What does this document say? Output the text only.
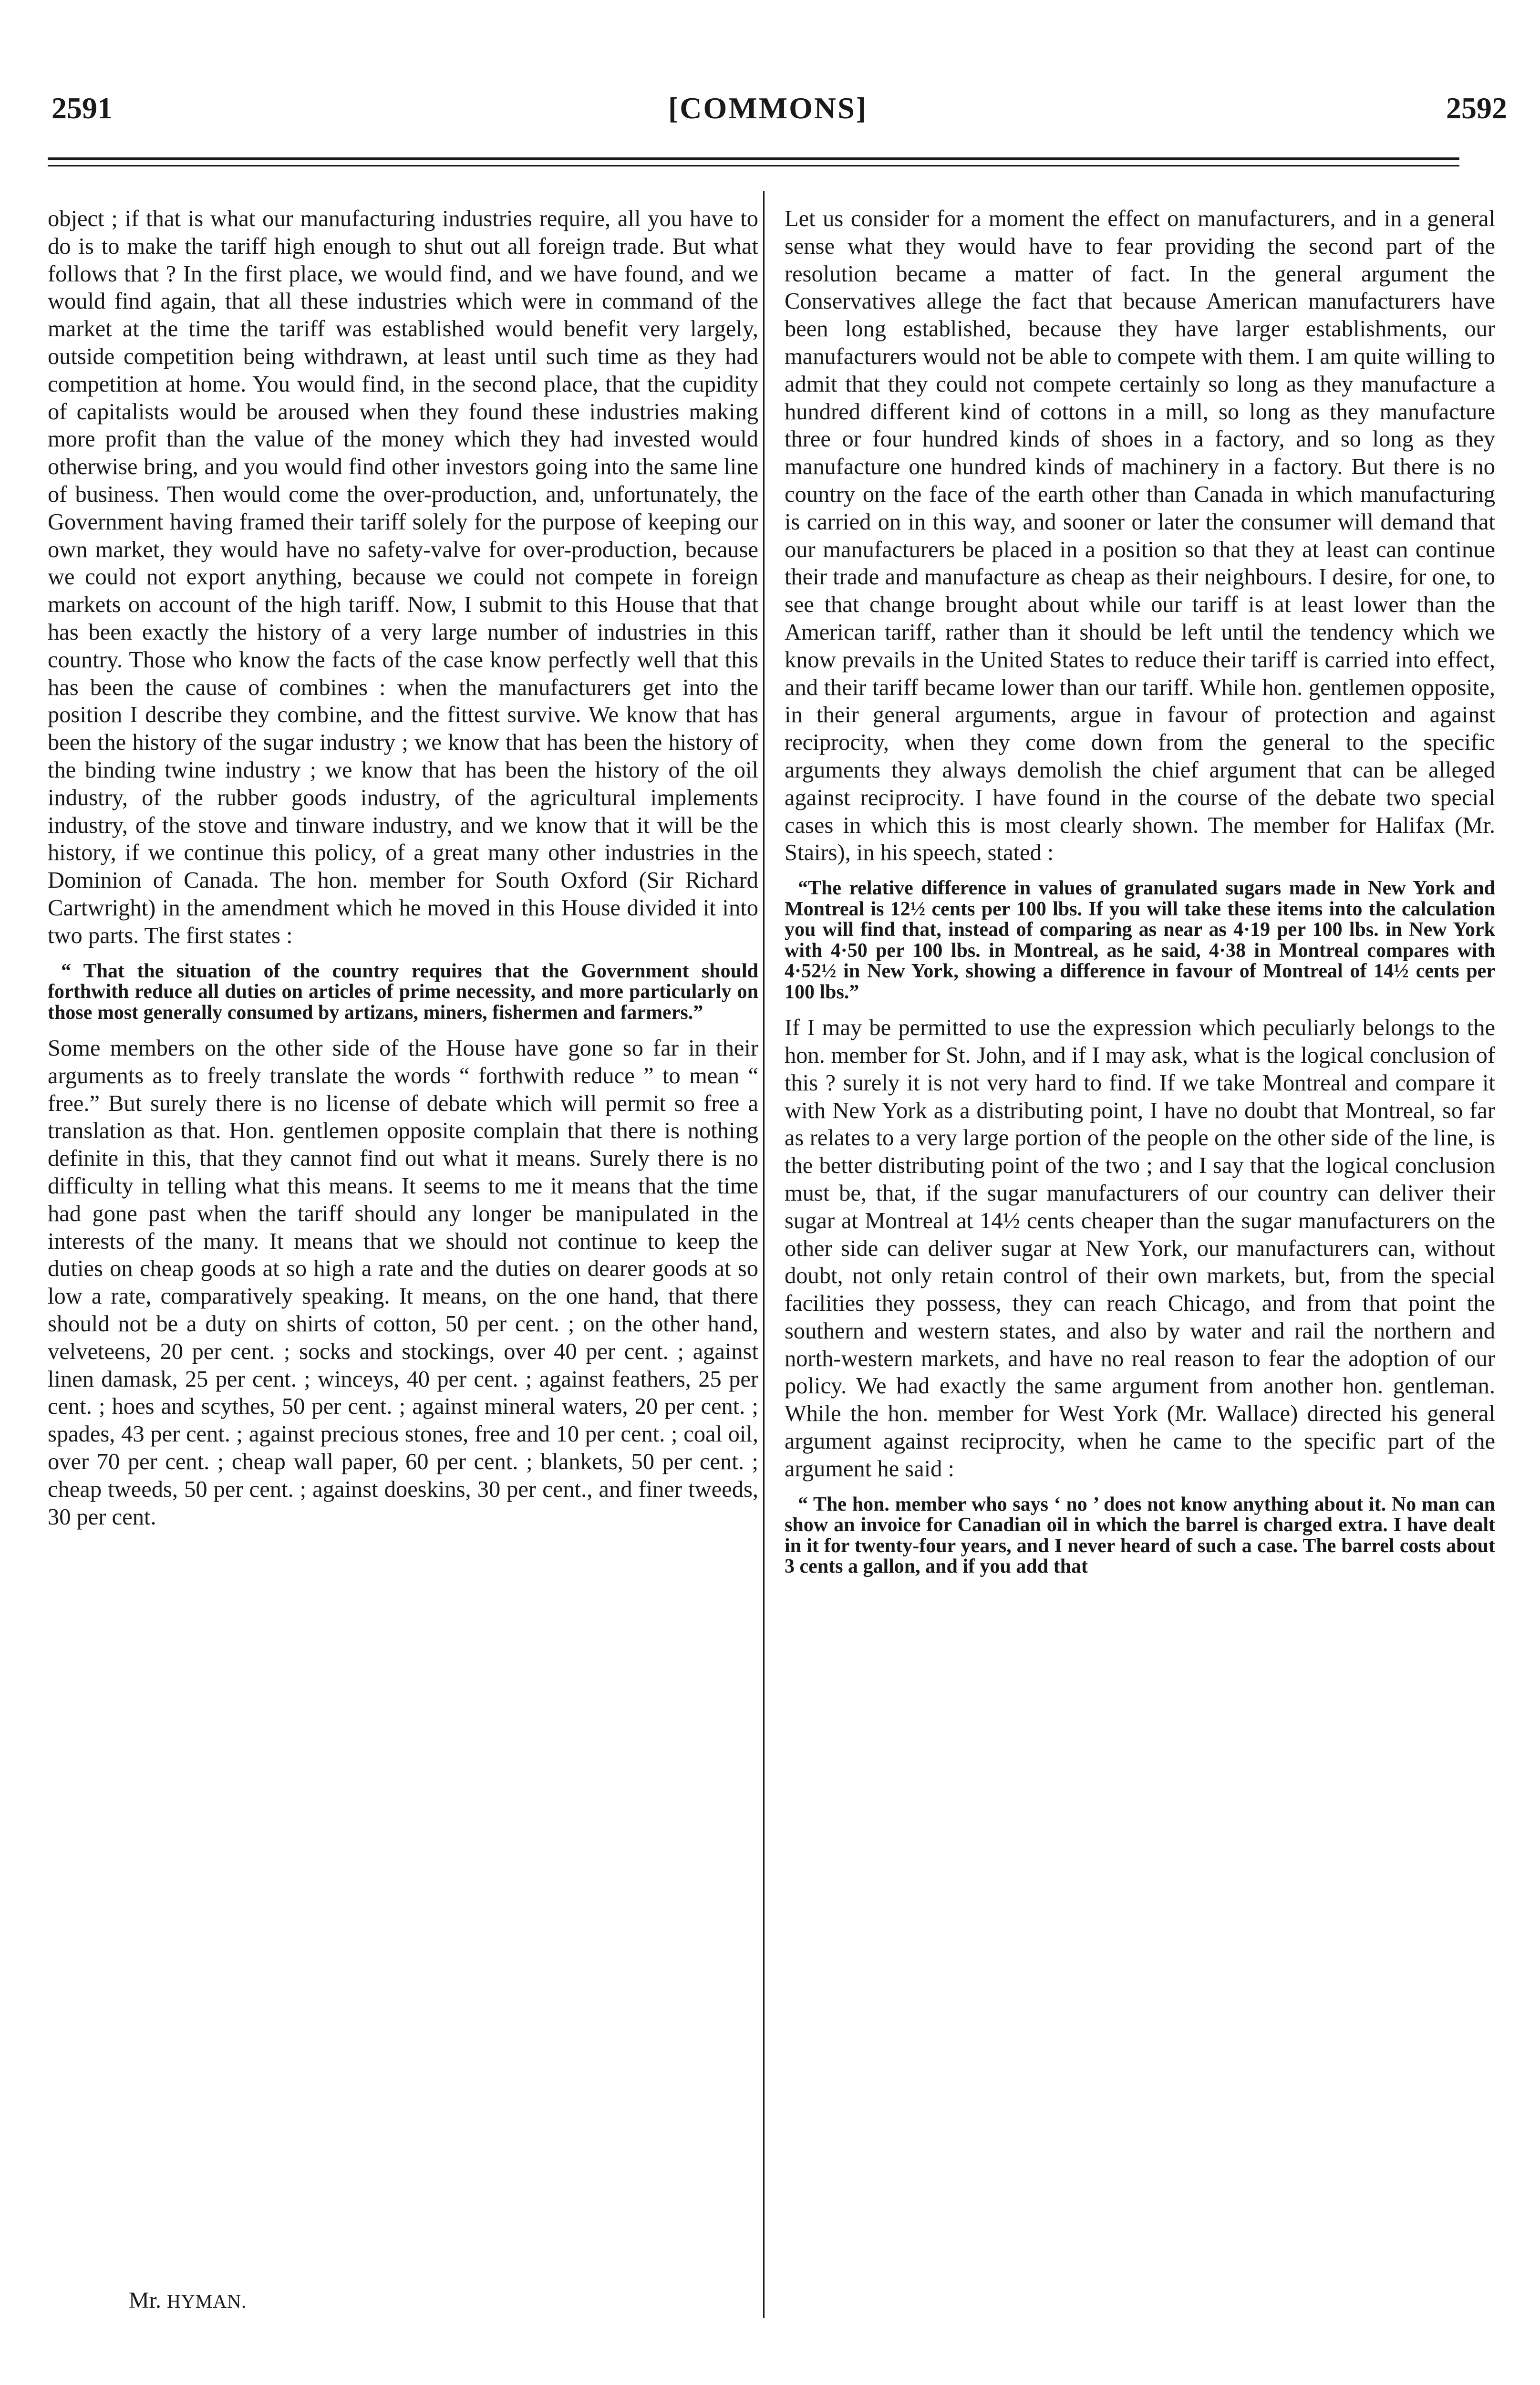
2591	[COMMONS]	2592

object ; if that is what our manufacturing industries require, all you have to do is to make the tariff high enough to shut out all foreign trade. But what follows that ? In the first place, we would find, and we have found, and we would find again, that all these industries which were in command of the market at the time the tariff was established would benefit very largely, outside competition being withdrawn, at least until such time as they had competition at home. You would find, in the second place, that the cupidity of capitalists would be aroused when they found these industries making more profit than the value of the money which they had invested would otherwise bring, and you would find other investors going into the same line of business. Then would come the over-production, and, unfortunately, the Government having framed their tariff solely for the purpose of keeping our own market, they would have no safety-valve for over-production, because we could not export anything, because we could not compete in foreign markets on account of the high tariff. Now, I submit to this House that that has been exactly the history of a very large number of industries in this country. Those who know the facts of the case know perfectly well that this has been the cause of combines : when the manufacturers get into the position I describe they combine, and the fittest survive. We know that has been the history of the sugar industry ; we know that has been the history of the binding twine industry ; we know that has been the history of the oil industry, of the rubber goods industry, of the agricultural implements industry, of the stove and tinware industry, and we know that it will be the history, if we continue this policy, of a great many other industries in the Dominion of Canada. The hon. member for South Oxford (Sir Richard Cartwright) in the amendment which he moved in this House divided it into two parts. The first states :

“ That the situation of the country requires that the Government should forthwith reduce all duties on articles of prime necessity, and more particularly on those most generally consumed by artizans, miners, fishermen and farmers.”

Some members on the other side of the House have gone so far in their arguments as to freely translate the words “ forthwith reduce ” to mean “ free.” But surely there is no license of debate which will permit so free a translation as that. Hon. gentlemen opposite complain that there is nothing definite in this, that they cannot find out what it means. Surely there is no difficulty in telling what this means. It seems to me it means that the time had gone past when the tariff should any longer be manipulated in the interests of the many. It means that we should not continue to keep the duties on cheap goods at so high a rate and the duties on dearer goods at so low a rate, comparatively speaking. It means, on the one hand, that there should not be a duty on shirts of cotton, 50 per cent. ; on the other hand, velveteens, 20 per cent. ; socks and stockings, over 40 per cent. ; against linen damask, 25 per cent. ; winceys, 40 per cent. ; against feathers, 25 per cent. ; hoes and scythes, 50 per cent. ; against mineral waters, 20 per cent. ; spades, 43 per cent. ; against precious stones, free and 10 per cent. ; coal oil, over 70 per cent. ; cheap wall paper, 60 per cent. ; blankets, 50 per cent. ; cheap tweeds, 50 per cent. ; against doeskins, 30 per cent., and finer tweeds, 30 per cent.

Let us consider for a moment the effect on manufacturers, and in a general sense what they would have to fear providing the second part of the resolution became a matter of fact. In the general argument the Conservatives allege the fact that because American manufacturers have been long established, because they have larger establishments, our manufacturers would not be able to compete with them. I am quite willing to admit that they could not compete certainly so long as they manufacture a hundred different kind of cottons in a mill, so long as they manufacture three or four hundred kinds of shoes in a factory, and so long as they manufacture one hundred kinds of machinery in a factory. But there is no country on the face of the earth other than Canada in which manufacturing is carried on in this way, and sooner or later the consumer will demand that our manufacturers be placed in a position so that they at least can continue their trade and manufacture as cheap as their neighbours. I desire, for one, to see that change brought about while our tariff is at least lower than the American tariff, rather than it should be left until the tendency which we know prevails in the United States to reduce their tariff is carried into effect, and their tariff became lower than our tariff. While hon. gentlemen opposite, in their general arguments, argue in favour of protection and against reciprocity, when they come down from the general to the specific arguments they always demolish the chief argument that can be alleged against reciprocity. I have found in the course of the debate two special cases in which this is most clearly shown. The member for Halifax (Mr. Stairs), in his speech, stated :

“The relative difference in values of granulated sugars made in New York and Montreal is 12½ cents per 100 lbs. If you will take these items into the calculation you will find that, instead of comparing as near as 4·19 per 100 lbs. in New York with 4·50 per 100 lbs. in Montreal, as he said, 4·38 in Montreal compares with 4·52½ in New York, showing a difference in favour of Montreal of 14½ cents per 100 lbs.”

If I may be permitted to use the expression which peculiarly belongs to the hon. member for St. John, and if I may ask, what is the logical conclusion of this ? surely it is not very hard to find. If we take Montreal and compare it with New York as a distributing point, I have no doubt that Montreal, so far as relates to a very large portion of the people on the other side of the line, is the better distributing point of the two ; and I say that the logical conclusion must be, that, if the sugar manufacturers of our country can deliver their sugar at Montreal at 14½ cents cheaper than the sugar manufacturers on the other side can deliver sugar at New York, our manufacturers can, without doubt, not only retain control of their own markets, but, from the special facilities they possess, they can reach Chicago, and from that point the southern and western states, and also by water and rail the northern and north-western markets, and have no real reason to fear the adoption of our policy. We had exactly the same argument from another hon. gentleman. While the hon. member for West York (Mr. Wallace) directed his general argument against reciprocity, when he came to the specific part of the argument he said :

“ The hon. member who says ‘ no ’ does not know anything about it. No man can show an invoice for Canadian oil in which the barrel is charged extra. I have dealt in it for twenty-four years, and I never heard of such a case. The barrel costs about 3 cents a gallon, and if you add that
Mr. HYMAN.
